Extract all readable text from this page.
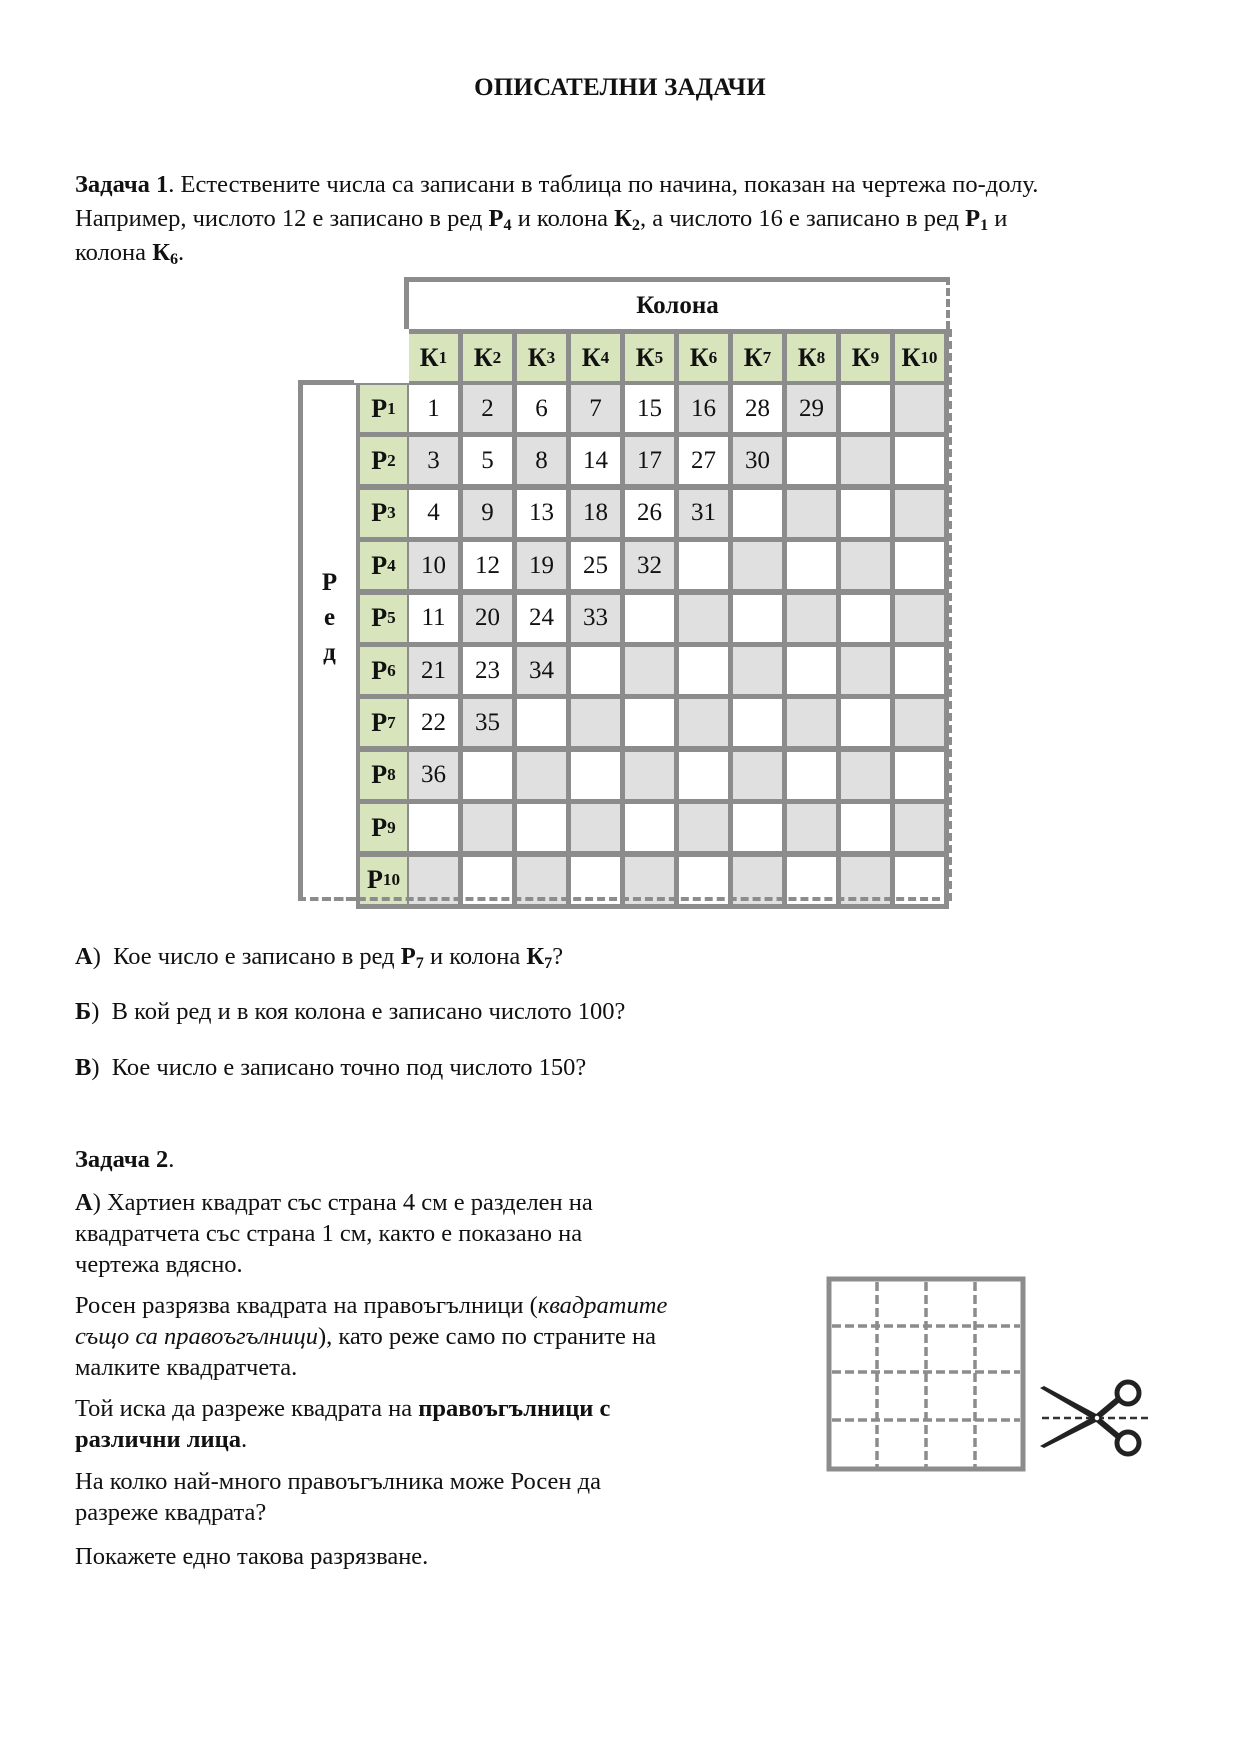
ОПИСАТЕЛНИ ЗАДАЧИ
Задача 1. Естествените числа са записани в таблица по начина, показан на чертежа по-долу.
Например, числото 12 е записано в ред $Р_4$ и колона $К_2$, а числото 16 е записано в ред $Р_1$ и
колона $К_6$.
Колона
Р
е
д
К 1 К 2 К 3 К 4 К 5 К 6 К 7 К 8 К 9 К 10
Р 1	1	2	6	7	15	16	28	29
Р 2	3	5	8	14	17	27	30
Р 3	4	9	13	18	26	31
Р 4	10	12	19	25	32
Р 5	11	20	24	33
Р 6	21	23	34
Р 7	22	35
Р 8	36
Р 9
Р 10
А)  Кое число е записано в ред $Р_7$ и колона $К_7$?
Б)  В кой ред и в коя колона е записано числото 100?
В)  Кое число е записано точно под числото 150?
Задача 2.
А) Хартиен квадрат със страна 4 см е разделен на
квадратчета със страна 1 см, както е показано на
чертежа вдясно.
Росен разрязва квадрата на правоъгълници (квадратите
също са правоъгълници), като реже само по страните на
малките квадратчета.
Той иска да разреже квадрата на правоъгълници с
различни лица.
На колко най-много правоъгълника може Росен да
разреже квадрата?
Покажете едно такова разрязване.
